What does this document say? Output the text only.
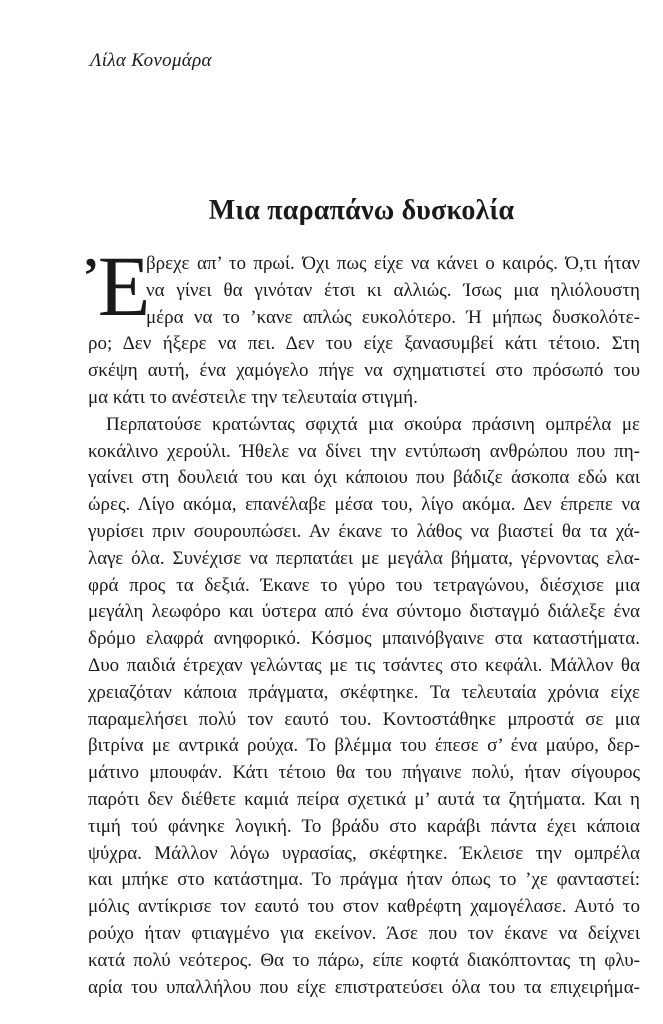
Λίλα Κονομάρα
Μια παραπάνω δυσκολία
Ἐ
βρεχε απ’ το πρωί. Όχι πως είχε να κάνει ο καιρός. Ό,τι ήταν
να γίνει θα γινόταν έτσι κι αλλιώς. Ίσως μια ηλιόλουστη
μέρα να το ’κανε απλώς ευκολότερο. Ή μήπως δυσκολότε-
ρο; Δεν ήξερε να πει. Δεν του είχε ξανασυμβεί κάτι τέτοιο. Στη
σκέψη αυτή, ένα χαμόγελο πήγε να σχηματιστεί στο πρόσωπό του
μα κάτι το ανέστειλε την τελευταία στιγμή.
Περπατούσε κρατώντας σφιχτά μια σκούρα πράσινη ομπρέλα με
κοκάλινο χερούλι. Ήθελε να δίνει την εντύπωση ανθρώπου που πη-
γαίνει στη δουλειά του και όχι κάποιου που βάδιζε άσκοπα εδώ και
ώρες. Λίγο ακόμα, επανέλαβε μέσα του, λίγο ακόμα. Δεν έπρεπε να
γυρίσει πριν σουρουπώσει. Αν έκανε το λάθος να βιαστεί θα τα χά-
λαγε όλα. Συνέχισε να περπατάει με μεγάλα βήματα, γέρνοντας ελα-
φρά προς τα δεξιά. Έκανε το γύρο του τετραγώνου, διέσχισε μια
μεγάλη λεωφόρο και ύστερα από ένα σύντομο δισταγμό διάλεξε ένα
δρόμο ελαφρά ανηφορικό. Κόσμος μπαινόβγαινε στα καταστήματα.
Δυο παιδιά έτρεχαν γελώντας με τις τσάντες στο κεφάλι. Μάλλον θα
χρειαζόταν κάποια πράγματα, σκέφτηκε. Τα τελευταία χρόνια είχε
παραμελήσει πολύ τον εαυτό του. Κοντοστάθηκε μπροστά σε μια
βιτρίνα με αντρικά ρούχα. Το βλέμμα του έπεσε σ’ ένα μαύρο, δερ-
μάτινο μπουφάν. Κάτι τέτοιο θα του πήγαινε πολύ, ήταν σίγουρος
παρότι δεν διέθετε καμιά πείρα σχετικά μ’ αυτά τα ζητήματα. Και η
τιμή τού φάνηκε λογική. Το βράδυ στο καράβι πάντα έχει κάποια
ψύχρα. Μάλλον λόγω υγρασίας, σκέφτηκε. Έκλεισε την ομπρέλα
και μπήκε στο κατάστημα. Το πράγμα ήταν όπως το ’χε φανταστεί:
μόλις αντίκρισε τον εαυτό του στον καθρέφτη χαμογέλασε. Αυτό το
ρούχο ήταν φτιαγμένο για εκείνον. Άσε που τον έκανε να δείχνει
κατά πολύ νεότερος. Θα το πάρω, είπε κοφτά διακόπτοντας τη φλυ-
αρία του υπαλλήλου που είχε επιστρατεύσει όλα του τα επιχειρήμα-
